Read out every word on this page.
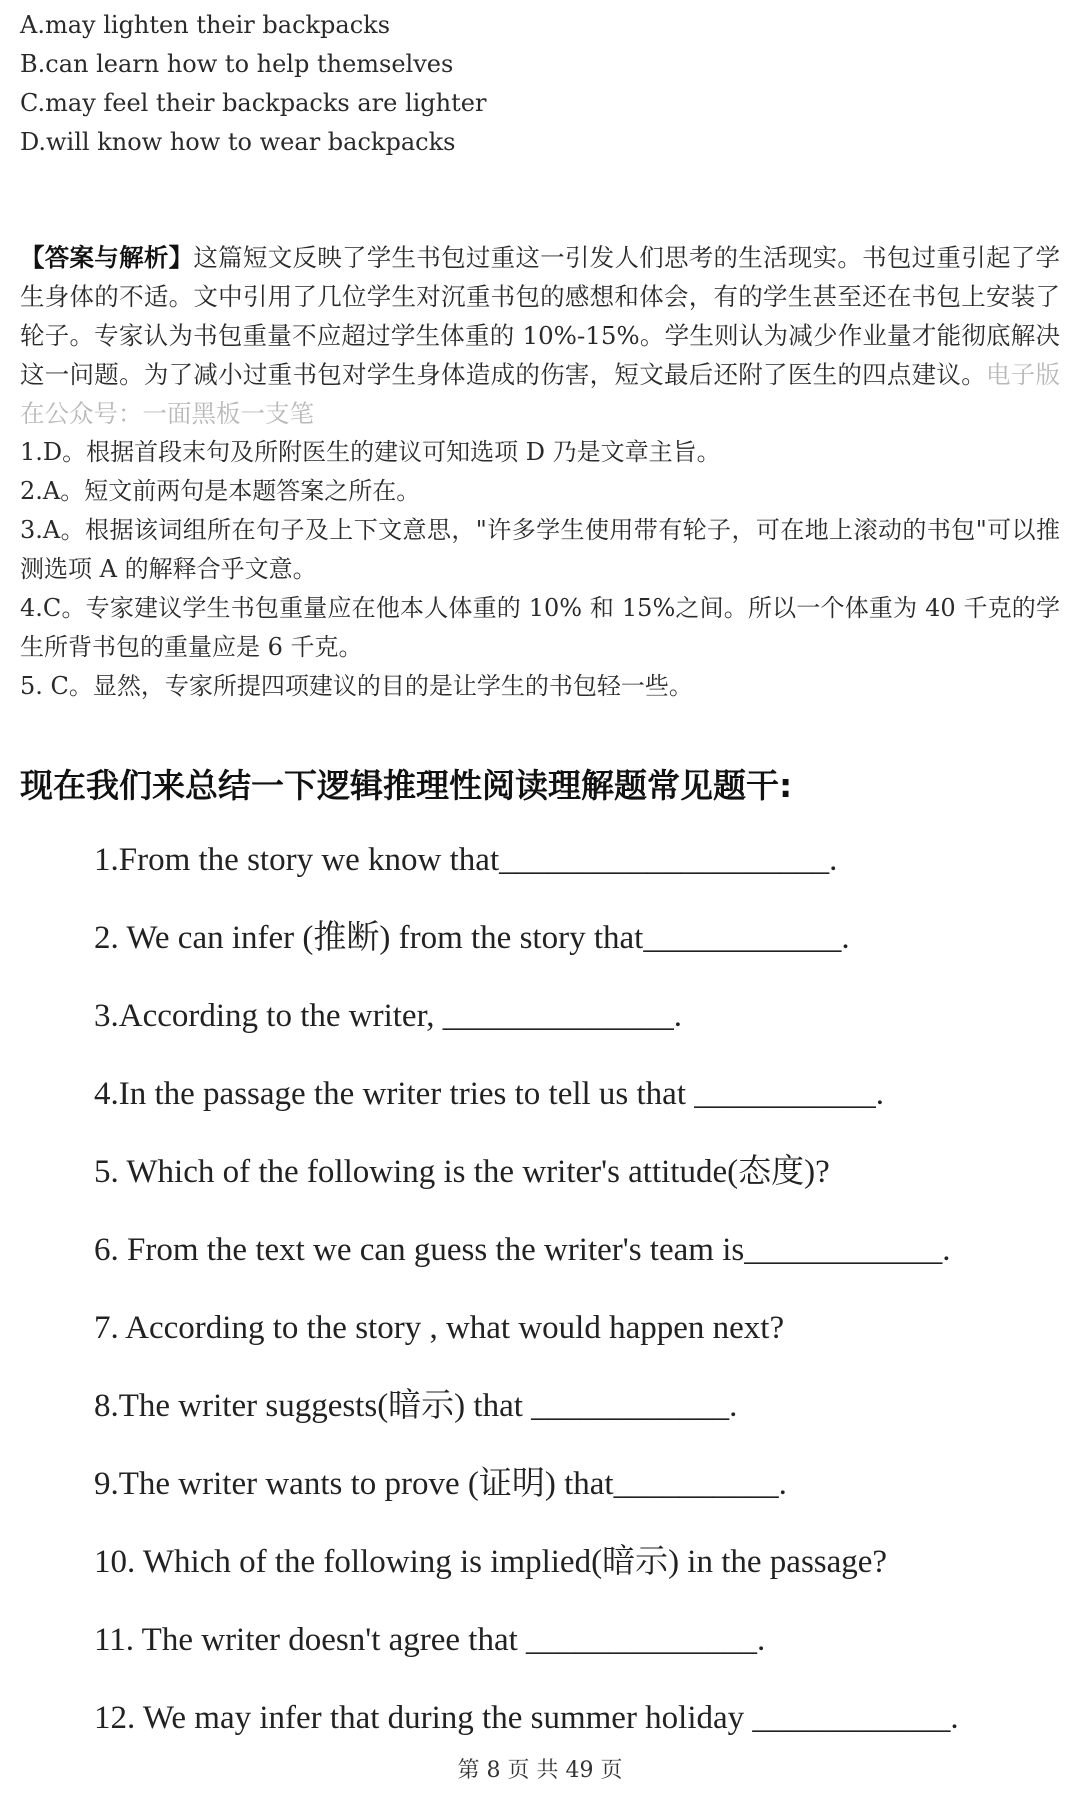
A.may lighten their backpacks
B.can learn how to help themselves
C.may feel their backpacks are lighter
D.will know how to wear backpacks
【答案与解析】这篇短文反映了学生书包过重这一引发人们思考的生活现实。书包过重引起了学生身体的不适。文中引用了几位学生对沉重书包的感想和体会，有的学生甚至还在书包上安装了轮子。专家认为书包重量不应超过学生体重的 10%-15%。学生则认为减少作业量才能彻底解决这一问题。为了减小过重书包对学生身体造成的伤害，短文最后还附了医生的四点建议。电子版在公众号：一面黑板一支笔
1.D。根据首段末句及所附医生的建议可知选项 D 乃是文章主旨。
2.A。短文前两句是本题答案之所在。
3.A。根据该词组所在句子及上下文意思，"许多学生使用带有轮子，可在地上滚动的书包"可以推测选项 A 的解释合乎文意。
4.C。专家建议学生书包重量应在他本人体重的 10% 和 15%之间。所以一个体重为 40 千克的学生所背书包的重量应是 6 千克。
5. C。显然，专家所提四项建议的目的是让学生的书包轻一些。
现在我们来总结一下逻辑推理性阅读理解题常见题干:
1.From the story we know that____________________.
2. We can infer (推断) from the story that____________.
3.According to the writer, ______________.
4.In the passage the writer tries to tell us that ___________.
5. Which of the following is the writer's attitude(态度)?
6. From the text we can guess the writer's team is____________.
7. According to the story , what would happen next?
8.The writer suggests(暗示) that ____________.
9.The writer wants to prove (证明) that__________.
10. Which of the following is implied(暗示) in the passage?
11. The writer doesn't agree that ______________.
12. We may infer that during the summer holiday ____________.
第 8 页 共 49 页
